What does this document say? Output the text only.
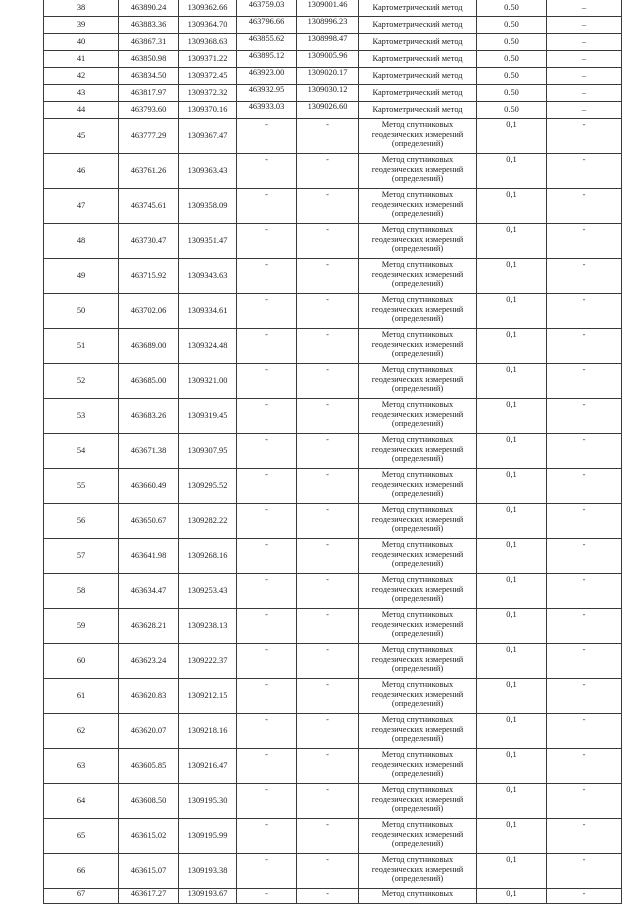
38	463890.24	1309362.66	463759.03	1309001.46	Картометрический метод	0.50	–
39	463883.36	1309364.70	463796.66	1308996.23	Картометрический метод	0.50	–
40	463867.31	1309368.63	463855.62	1308998.47	Картометрический метод	0.50	–
41	463850.98	1309371.22	463895.12	1309005.96	Картометрический метод	0.50	–
42	463834.50	1309372.45	463923.00	1309020.17	Картометрический метод	0.50	–
43	463817.97	1309372.32	463932.95	1309030.12	Картометрический метод	0.50	–
44	463793.60	1309370.16	463933.03	1309026.60	Картометрический метод	0.50	–
45	463777.29	1309367.47	-	-	Метод спутниковых геодезических измерений (определений)	0,1	-
46	463761.26	1309363.43	-	-	Метод спутниковых геодезических измерений (определений)	0,1	-
47	463745.61	1309358.09	-	-	Метод спутниковых геодезических измерений (определений)	0,1	-
48	463730.47	1309351.47	-	-	Метод спутниковых геодезических измерений (определений)	0,1	-
49	463715.92	1309343.63	-	-	Метод спутниковых геодезических измерений (определений)	0,1	-
50	463702.06	1309334.61	-	-	Метод спутниковых геодезических измерений (определений)	0,1	-
51	463689.00	1309324.48	-	-	Метод спутниковых геодезических измерений (определений)	0,1	-
52	463685.00	1309321.00	-	-	Метод спутниковых геодезических измерений (определений)	0,1	-
53	463683.26	1309319.45	-	-	Метод спутниковых геодезических измерений (определений)	0,1	-
54	463671.38	1309307.95	-	-	Метод спутниковых геодезических измерений (определений)	0,1	-
55	463660.49	1309295.52	-	-	Метод спутниковых геодезических измерений (определений)	0,1	-
56	463650.67	1309282.22	-	-	Метод спутниковых геодезических измерений (определений)	0,1	-
57	463641.98	1309268.16	-	-	Метод спутниковых геодезических измерений (определений)	0,1	-
58	463634.47	1309253.43	-	-	Метод спутниковых геодезических измерений (определений)	0,1	-
59	463628.21	1309238.13	-	-	Метод спутниковых геодезических измерений (определений)	0,1	-
60	463623.24	1309222.37	-	-	Метод спутниковых геодезических измерений (определений)	0,1	-
61	463620.83	1309212.15	-	-	Метод спутниковых геодезических измерений (определений)	0,1	-
62	463620.07	1309218.16	-	-	Метод спутниковых геодезических измерений (определений)	0,1	-
63	463605.85	1309216.47	-	-	Метод спутниковых геодезических измерений (определений)	0,1	-
64	463608.50	1309195.30	-	-	Метод спутниковых геодезических измерений (определений)	0,1	-
65	463615.02	1309195.99	-	-	Метод спутниковых геодезических измерений (определений)	0,1	-
66	463615.07	1309193.38	-	-	Метод спутниковых геодезических измерений (определений)	0,1	-
67	463617.27	1309193.67	-	-	Метод спутниковых	0,1	-
